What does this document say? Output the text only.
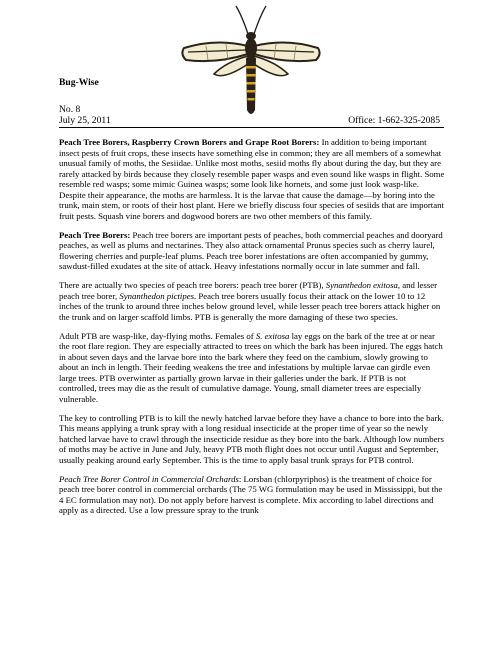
Bug-Wise
No. 8
July 25, 2011	Office: 1-662-325-2085

Peach Tree Borers, Raspberry Crown Borers and Grape Root Borers: In addition to being important insect pests of fruit crops, these insects have something else in common; they are all members of a somewhat unusual family of moths, the Sesiidae. Unlike most moths, sesiid moths fly about during the day, but they are rarely attacked by birds because they closely resemble paper wasps and even sound like wasps in flight. Some resemble red wasps; some mimic Guinea wasps; some look like hornets, and some just look wasp-like. Despite their appearance, the moths are harmless. It is the larvae that cause the damage—by boring into the trunk, main stem, or roots of their host plant. Here we briefly discuss four species of sesiids that are important fruit pests. Squash vine borers and dogwood borers are two other members of this family.

Peach Tree Borers: Peach tree borers are important pests of peaches, both commercial peaches and dooryard peaches, as well as plums and nectarines. They also attack ornamental Prunus species such as cherry laurel, flowering cherries and purple-leaf plums. Peach tree borer infestations are often accompanied by gummy, sawdust-filled exudates at the site of attack. Heavy infestations normally occur in late summer and fall.

There are actually two species of peach tree borers: peach tree borer (PTB), Synanthedon exitosa, and lesser peach tree borer, Synanthedon pictipes. Peach tree borers usually focus their attack on the lower 10 to 12 inches of the trunk to around three inches below ground level, while lesser peach tree borers attack higher on the trunk and on larger scaffold limbs. PTB is generally the more damaging of these two species.

Adult PTB are wasp-like, day-flying moths. Females of S. exitosa lay eggs on the bark of the tree at or near the root flare region. They are especially attracted to trees on which the bark has been injured. The eggs hatch in about seven days and the larvae bore into the bark where they feed on the cambium, slowly growing to about an inch in length. Their feeding weakens the tree and infestations by multiple larvae can girdle even large trees. PTB overwinter as partially grown larvae in their galleries under the bark. If PTB is not controlled, trees may die as the result of cumulative damage. Young, small diameter trees are especially vulnerable.

The key to controlling PTB is to kill the newly hatched larvae before they have a chance to bore into the bark. This means applying a trunk spray with a long residual insecticide at the proper time of year so the newly hatched larvae have to crawl through the insecticide residue as they bore into the bark. Although low numbers of moths may be active in June and July, heavy PTB moth flight does not occur until August and September, usually peaking around early September. This is the time to apply basal trunk sprays for PTB control.

Peach Tree Borer Control in Commercial Orchards: Lorsban (chlorpyriphos) is the treatment of choice for peach tree borer control in commercial orchards (The 75 WG formulation may be used in Mississippi, but the 4 EC formulation may not). Do not apply before harvest is complete. Mix according to label directions and apply as a directed. Use a low pressure spray to the trunk
